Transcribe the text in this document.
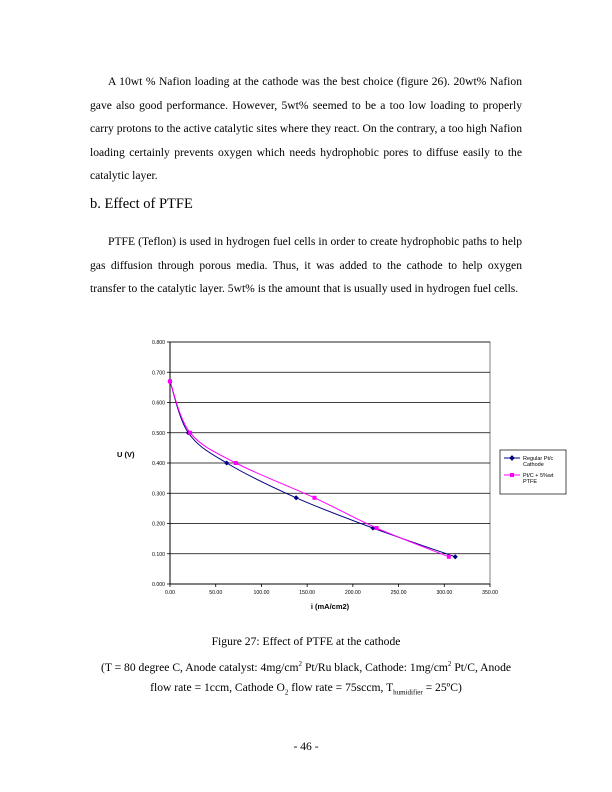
A 10wt % Nafion loading at the cathode was the best choice (figure 26). 20wt% Nafion gave also good performance. However, 5wt% seemed to be a too low loading to properly carry protons to the active catalytic sites where they react. On the contrary, a too high Nafion loading certainly prevents oxygen which needs hydrophobic pores to diffuse easily to the catalytic layer.

b. Effect of PTFE

PTFE (Teflon) is used in hydrogen fuel cells in order to create hydrophobic paths to help gas diffusion through porous media. Thus, it was added to the cathode to help oxygen transfer to the catalytic layer. 5wt% is the amount that is usually used in hydrogen fuel cells.

0.000
0.100
0.200
0.300
0.400
0.500
0.600
0.700
0.800
0.00	50.00	100.00	150.00	200.00	250.00	300.00	350.00
U (V)
i (mA/cm2)
Regular Pt/c
Cathode
Pt/C + 5%wt
PTFE

Figure 27: Effect of PTFE at the cathode

(T = 80 degree C, Anode catalyst: $4mg/cm^2$ Pt/Ru black, Cathode: $1mg/cm^2$ Pt/C, Anode

flow rate = 1ccm, Cathode $O_2$ flow rate = 75sccm, $T_{humidifier}$ = 25ºC)

- 46 -
